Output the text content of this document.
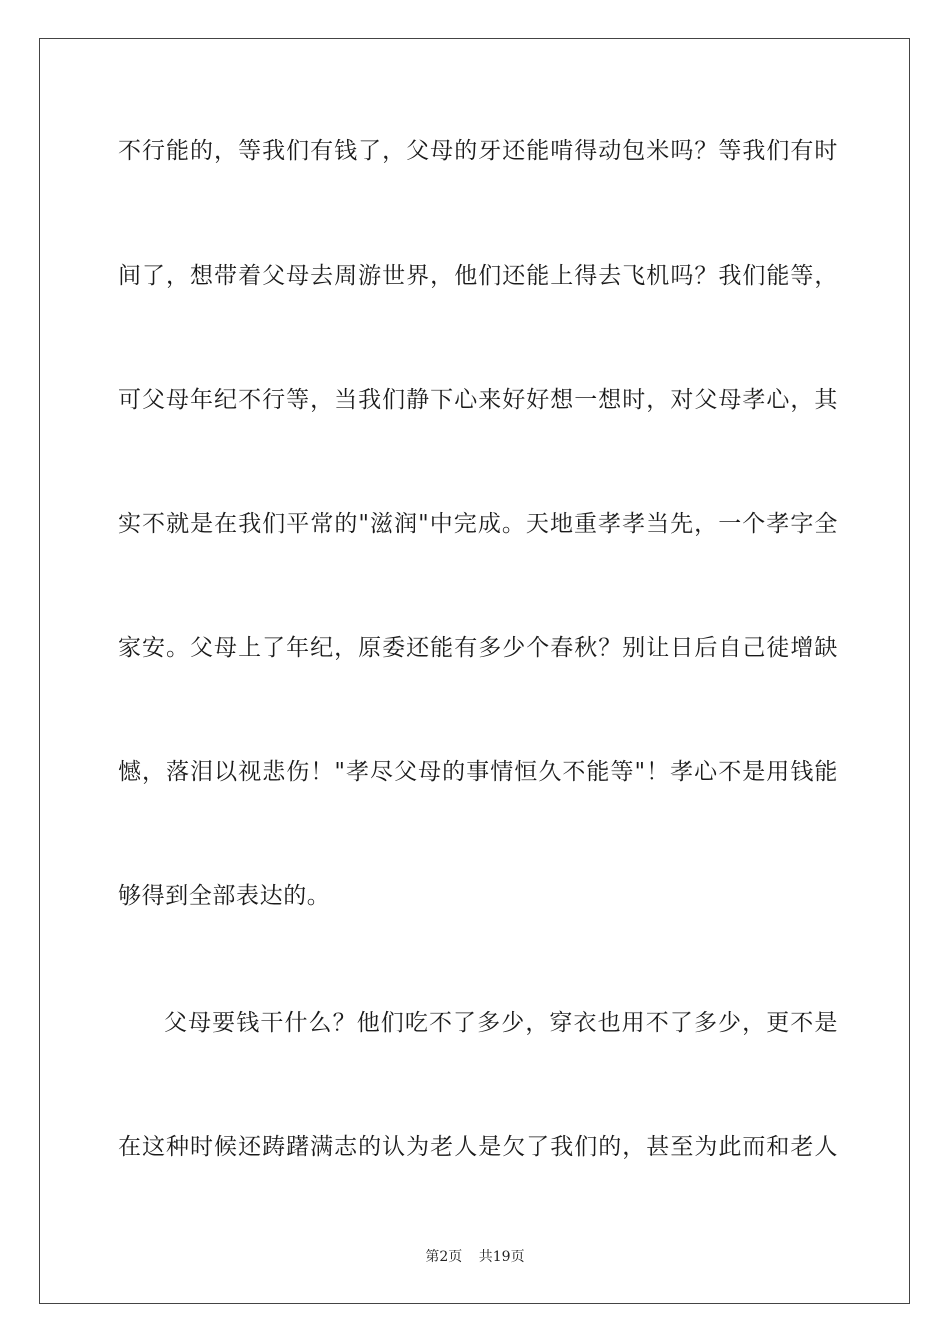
不行能的，等我们有钱了，父母的牙还能啃得动包米吗？等我们有时
间了，想带着父母去周游世界，他们还能上得去飞机吗？我们能等，
可父母年纪不行等，当我们静下心来好好想一想时，对父母孝心，其
实不就是在我们平常的"滋润"中完成。天地重孝孝当先，一个孝字全
家安。父母上了年纪，原委还能有多少个春秋？别让日后自己徒增缺
憾，落泪以视悲伤！"孝尽父母的事情恒久不能等"！孝心不是用钱能
够得到全部表达的。
父母要钱干什么？他们吃不了多少，穿衣也用不了多少，更不是
在这种时候还踌躇满志的认为老人是欠了我们的，甚至为此而和老人
第2页 共19页
